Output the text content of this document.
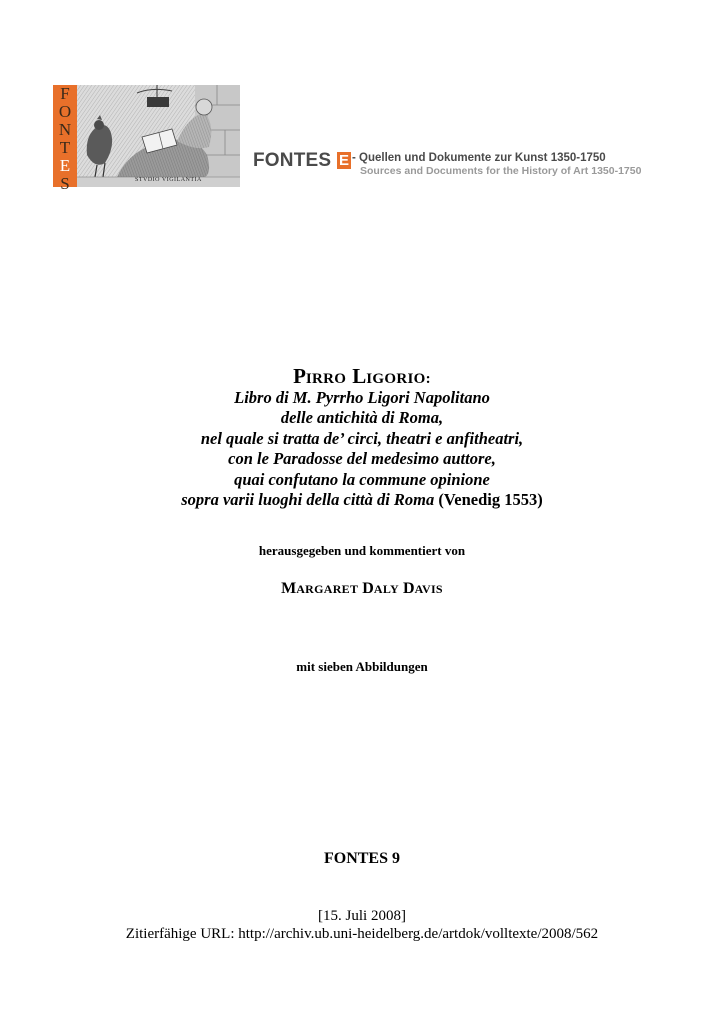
F
O
N
T
E
S	STVDIO VIGILANTIA
FONTES E - Quellen und Dokumente zur Kunst 1350-1750
Sources and Documents for the History of Art 1350-1750
PIRRO LIGORIO:
Libro di M. Pyrrho Ligori Napolitano
delle antichità di Roma,
nel quale si tratta de’ circi, theatri e anfitheatri,
con le Paradosse del medesimo auttore,
quai confutano la commune opinione
sopra varii luoghi della città di Roma (Venedig 1553)
herausgegeben und kommentiert von
MARGARET DALY DAVIS
mit sieben Abbildungen
FONTES 9
[15. Juli 2008]
Zitierfähige URL: http://archiv.ub.uni-heidelberg.de/artdok/volltexte/2008/562
